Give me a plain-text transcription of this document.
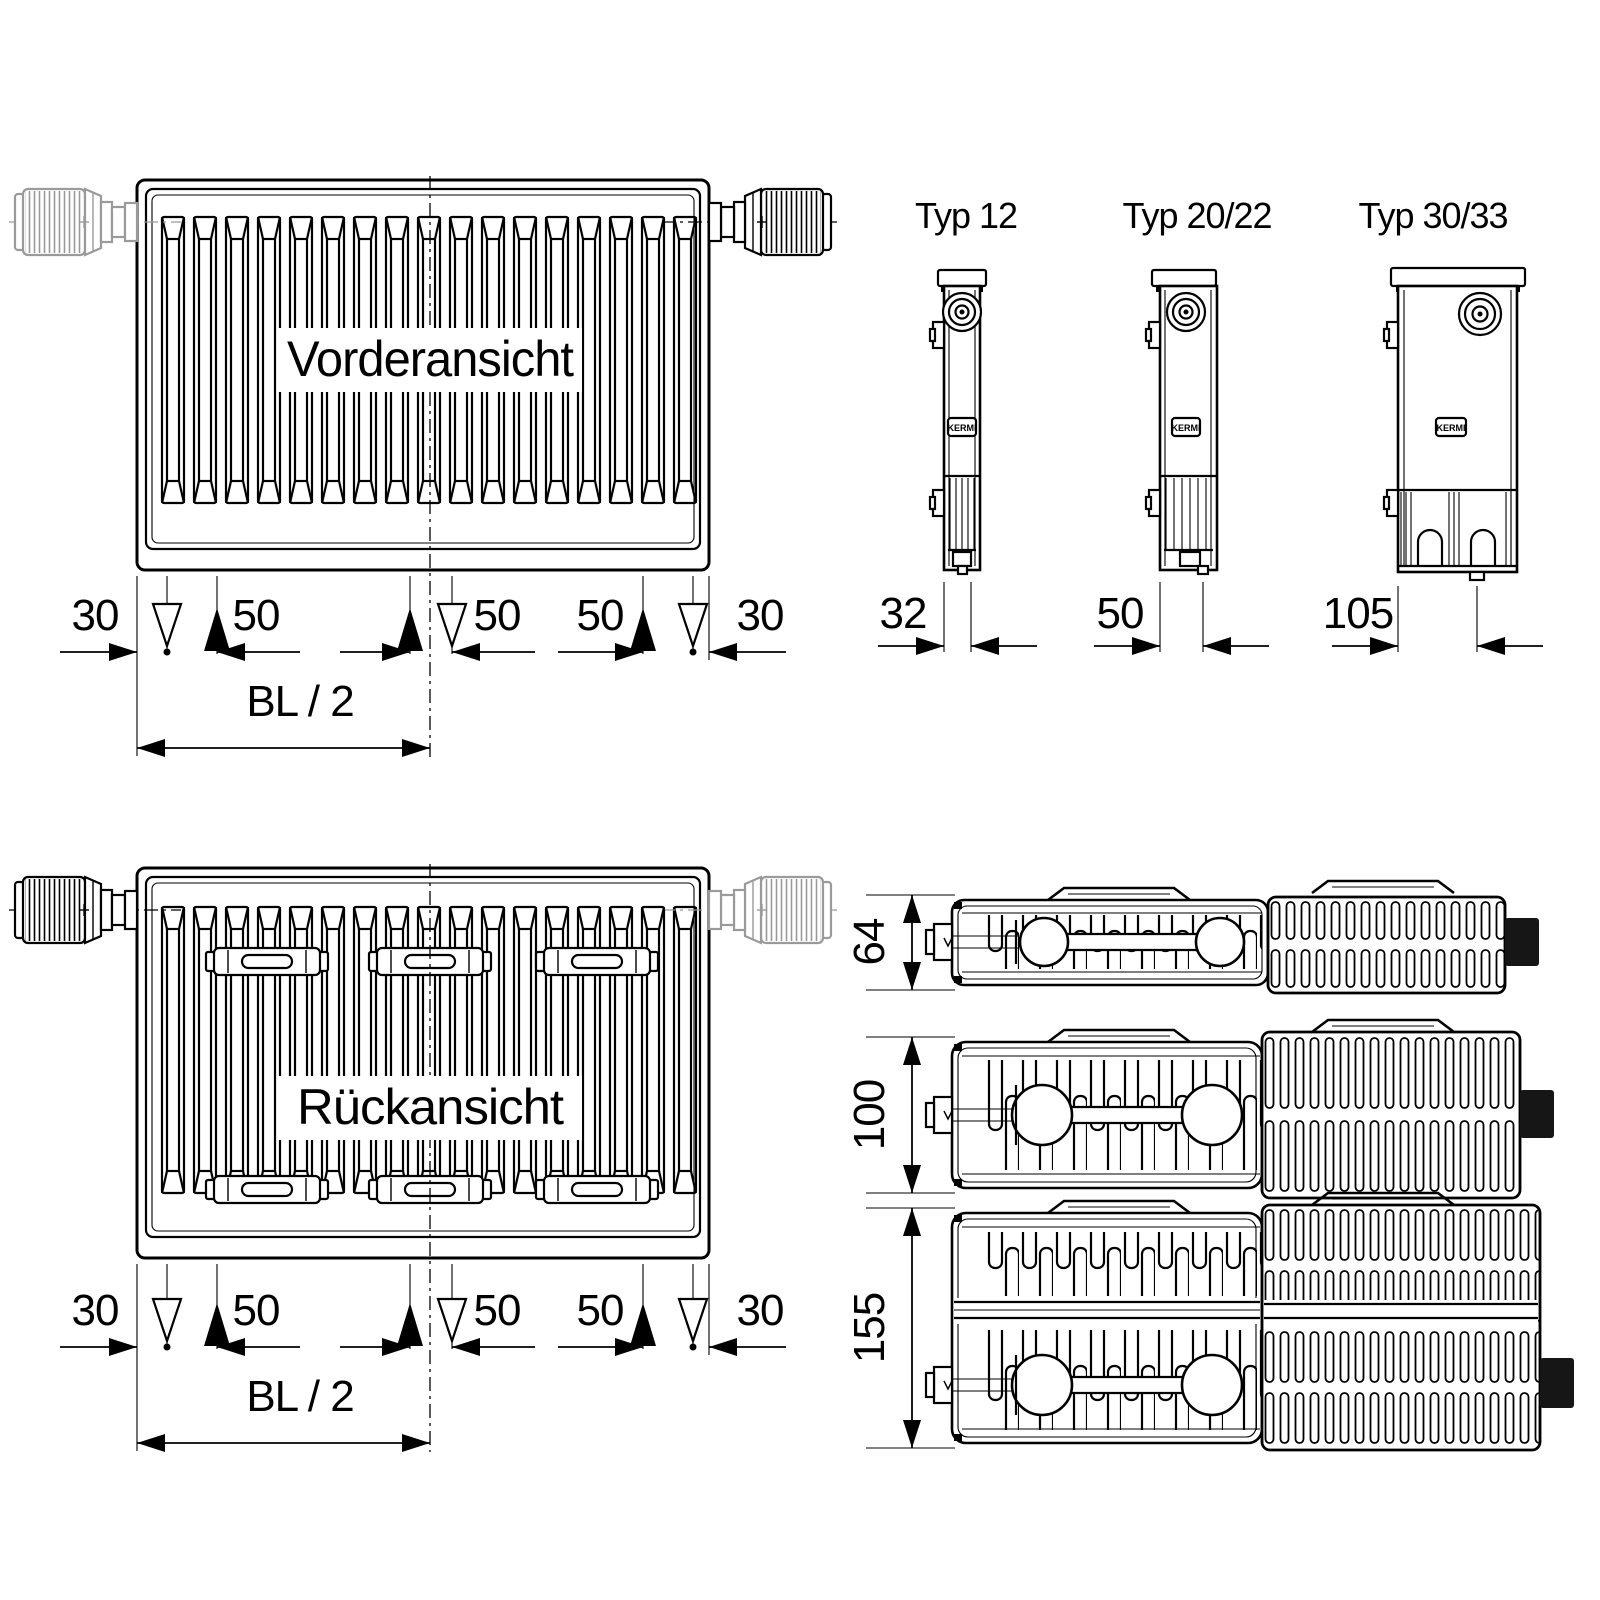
Vorderansicht
30	50	50 50	30
BL / 2
Typ 12	Typ 20/22 Typ 30/33
KERMI
32
KERMI
50
KERMI
105
Rückansicht
30	50	50 50	30
BL / 2
64
100
155
